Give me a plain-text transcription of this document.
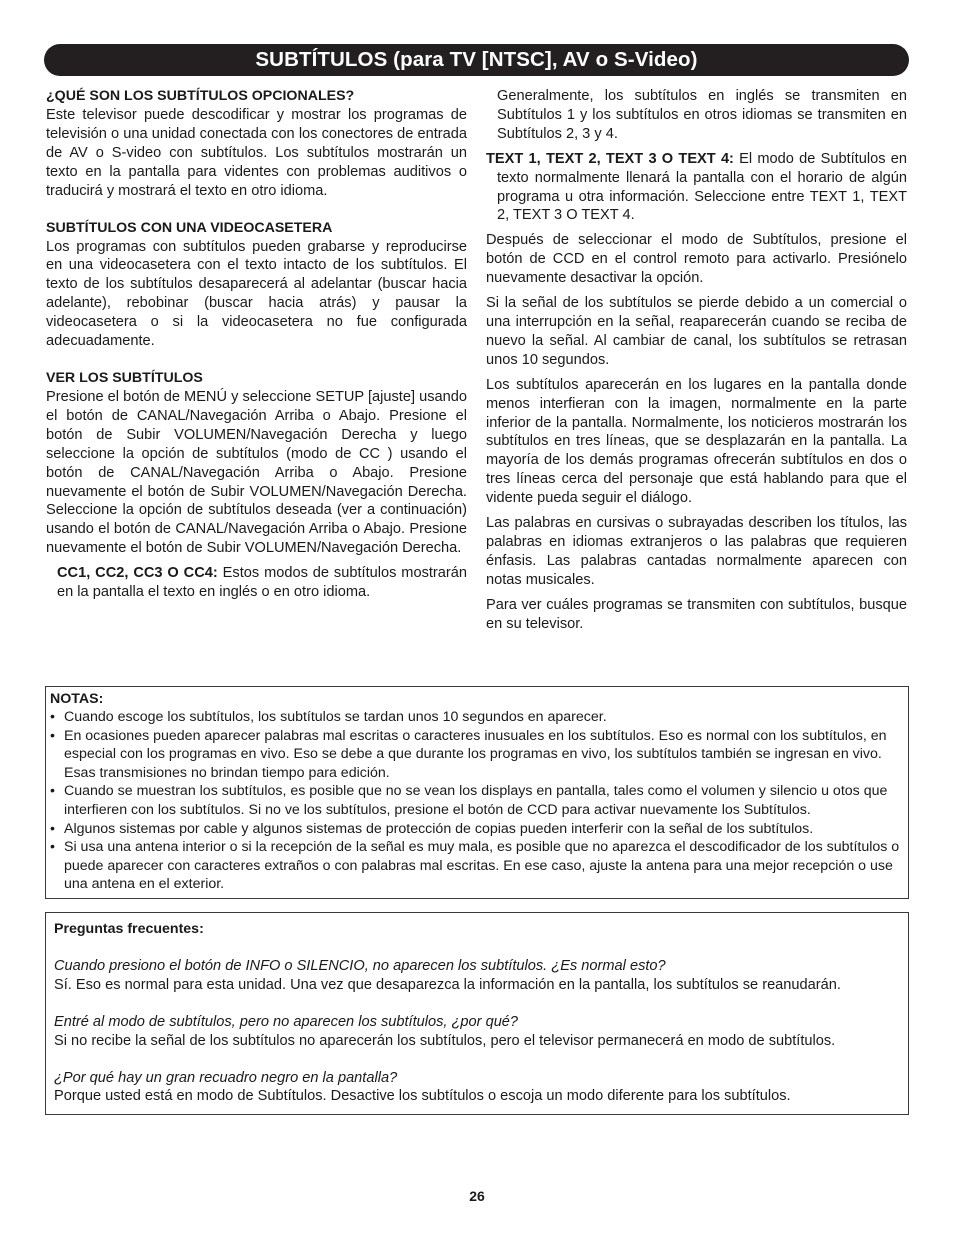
SUBTÍTULOS (para TV [NTSC], AV o S-Video)
¿QUÉ SON LOS SUBTÍTULOS OPCIONALES?

Este televisor puede descodificar y mostrar los programas de televisión o una unidad conectada con los conectores de entrada de AV o S-video con subtítulos. Los subtítulos mostrarán un texto en la pantalla para videntes con problemas auditivos o traducirá y mostrará el texto en otro idioma.

SUBTÍTULOS CON UNA VIDEOCASETERA

Los programas con subtítulos pueden grabarse y reproducirse en una videocasetera con el texto intacto de los subtítulos. El texto de los subtítulos desaparecerá al adelantar (buscar hacia adelante), rebobinar (buscar hacia atrás) y pausar la videocasetera o si la videocasetera no fue configurada adecuadamente.

VER LOS SUBTÍTULOS

Presione el botón de MENÚ y seleccione SETUP [ajuste] usando el botón de CANAL/Navegación Arriba o Abajo. Presione el botón de Subir VOLUMEN/Navegación Derecha y luego seleccione la opción de subtítulos (modo de CC ) usando el botón de CANAL/Navegación Arriba o Abajo. Presione nuevamente el botón de Subir VOLUMEN/Navegación Derecha. Seleccione la opción de subtítulos deseada (ver a continuación) usando el botón de CANAL/Navegación Arriba o Abajo. Presione nuevamente el botón de Subir VOLUMEN/Navegación Derecha.

CC1, CC2, CC3 O CC4: Estos modos de subtítulos mostrarán en la pantalla el texto en inglés o en otro idioma.

Generalmente, los subtítulos en inglés se transmiten en Subtítulos 1 y los subtítulos en otros idiomas se transmiten en Subtítulos 2, 3 y 4.

TEXT 1, TEXT 2, TEXT 3 O TEXT 4: El modo de Subtítulos en texto normalmente llenará la pantalla con el horario de algún programa u otra información. Seleccione entre TEXT 1, TEXT 2, TEXT 3 O TEXT 4.

Después de seleccionar el modo de Subtítulos, presione el botón de CCD en el control remoto para activarlo. Presiónelo nuevamente desactivar la opción.

Si la señal de los subtítulos se pierde debido a un comercial o una interrupción en la señal, reaparecerán cuando se reciba de nuevo la señal. Al cambiar de canal, los subtítulos se retrasan unos 10 segundos.

Los subtítulos aparecerán en los lugares en la pantalla donde menos interfieran con la imagen, normalmente en la parte inferior de la pantalla. Normalmente, los noticieros mostrarán los subtítulos en tres líneas, que se desplazarán en la pantalla. La mayoría de los demás programas ofrecerán subtítulos en dos o tres líneas cerca del personaje que está hablando para que el vidente pueda seguir el diálogo.

Las palabras en cursivas o subrayadas describen los títulos, las palabras en idiomas extranjeros o las palabras que requieren énfasis. Las palabras cantadas normalmente aparecen con notas musicales.

Para ver cuáles programas se transmiten con subtítulos, busque en su televisor.

NOTAS:
• Cuando escoge los subtítulos, los subtítulos se tardan unos 10 segundos en aparecer.
• En ocasiones pueden aparecer palabras mal escritas o caracteres inusuales en los subtítulos. Eso es normal con los subtítulos, en especial con los programas en vivo. Eso se debe a que durante los programas en vivo, los subtítulos también se ingresan en vivo. Esas transmisiones no brindan tiempo para edición.
• Cuando se muestran los subtítulos, es posible que no se vean los displays en pantalla, tales como el volumen y silencio u otos que interfieren con los subtítulos. Si no ve los subtítulos, presione el botón de CCD para activar nuevamente los Subtítulos.
• Algunos sistemas por cable y algunos sistemas de protección de copias pueden interferir con la señal de los subtítulos.
• Si usa una antena interior o si la recepción de la señal es muy mala, es posible que no aparezca el descodificador de los subtítulos o puede aparecer con caracteres extraños o con palabras mal escritas. En ese caso, ajuste la antena para una mejor recepción o use una antena en el exterior.

Preguntas frecuentes:

Cuando presiono el botón de INFO o SILENCIO, no aparecen los subtítulos. ¿Es normal esto?

Sí. Eso es normal para esta unidad. Una vez que desaparezca la información en la pantalla, los subtítulos se reanudarán.

Entré al modo de subtítulos, pero no aparecen los subtítulos, ¿por qué?

Si no recibe la señal de los subtítulos no aparecerán los subtítulos, pero el televisor permanecerá en modo de subtítulos.

¿Por qué hay un gran recuadro negro en la pantalla?

Porque usted está en modo de Subtítulos. Desactive los subtítulos o escoja un modo diferente para los subtítulos.

26
